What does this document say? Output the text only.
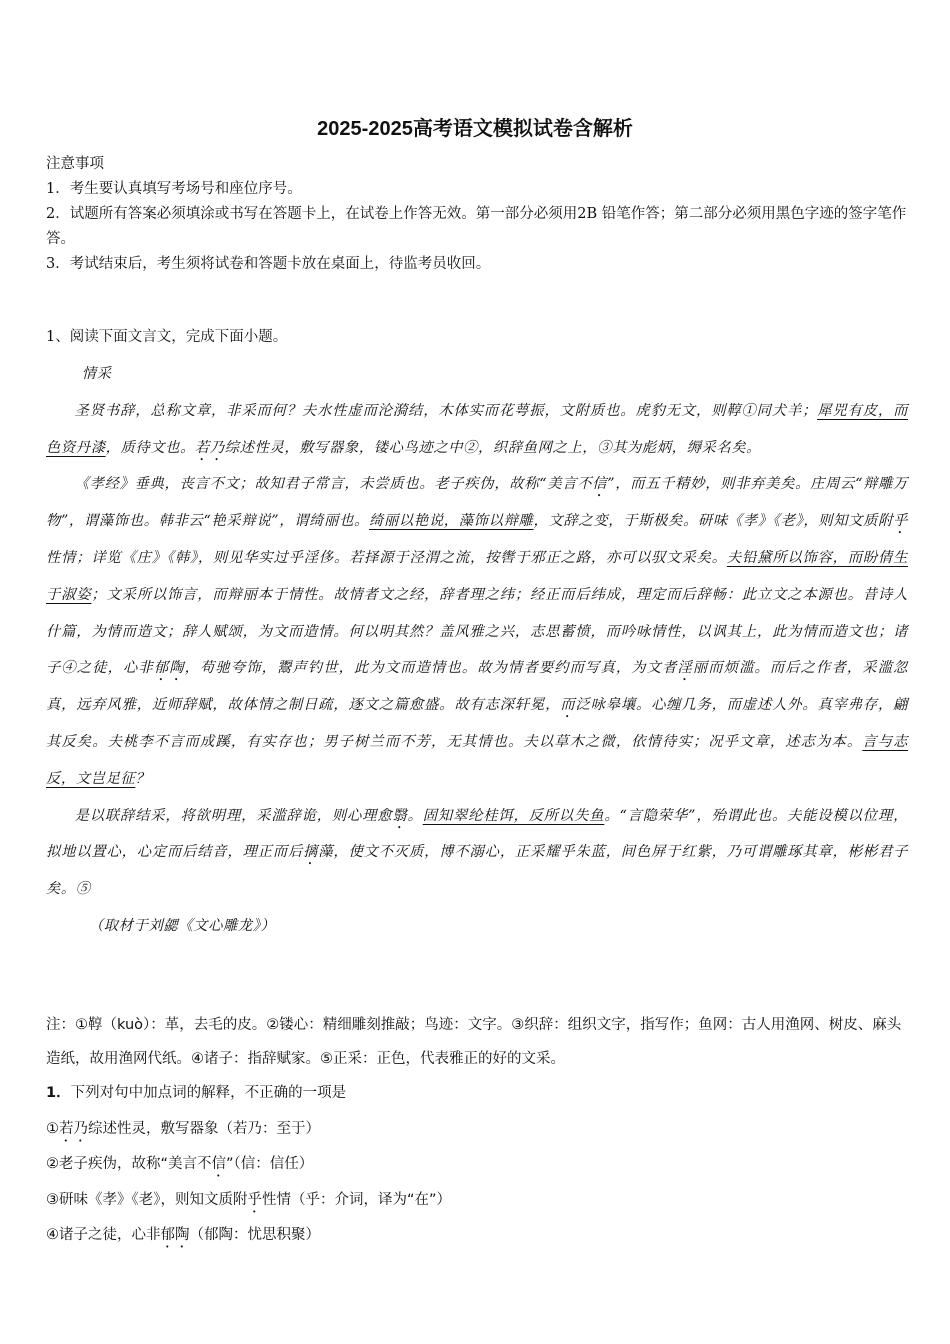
2025-2025高考语文模拟试卷含解析
注意事项
1．考生要认真填写考场号和座位序号。
2．试题所有答案必须填涂或书写在答题卡上，在试卷上作答无效。第一部分必须用2B 铅笔作答；第二部分必须用黑色字迹的签字笔作答。
3．考试结束后，考生须将试卷和答题卡放在桌面上，待监考员收回。
1、阅读下面文言文，完成下面小题。

情采

圣贤书辞，总称文章，非采而何？夫水性虚而沦漪结，木体实而花萼振，文附质也。虎豹无文，则鞟①同犬羊；犀兕有皮，而色资丹漆，质待文也。若乃综述性灵，敷写器象，镂心鸟迹之中②，织辞鱼网之上，③其为彪炳，缛采名矣。

《孝经》垂典，丧言不文；故知君子常言，未尝质也。老子疾伪，故称“美言不信”，而五千精妙，则非弃美矣。庄周云“辩雕万物”，谓藻饰也。韩非云“艳采辩说”，谓绮丽也。绮丽以艳说，藻饰以辩雕，文辞之变，于斯极矣。研味《孝》《老》，则知文质附乎性情；详览《庄》《韩》，则见华实过乎淫侈。若择源于泾渭之流，按辔于邪正之路，亦可以驭文采矣。夫铅黛所以饰容，而盼倩生于淑姿；文采所以饰言，而辩丽本于情性。故情者文之经，辞者理之纬；经正而后纬成，理定而后辞畅：此立文之本源也。昔诗人什篇，为情而造文；辞人赋颂，为文而造情。何以明其然？盖风雅之兴，志思蓄愤，而吟咏情性，以讽其上，此为情而造文也；诸子④之徒，心非郁陶，苟驰夸饰，鬻声钓世，此为文而造情也。故为情者要约而写真，为文者淫丽而烦滥。而后之作者，采滥忽真，远弃风雅，近师辞赋，故体情之制日疏，逐文之篇愈盛。故有志深轩冕，而泛咏皋壤。心缠几务，而虚述人外。真宰弗存，翩其反矣。夫桃李不言而成蹊，有实存也；男子树兰而不芳，无其情也。夫以草木之微，依情待实；况乎文章，述志为本。言与志反，文岂足征？

是以联辞结采，将欲明理，采滥辞诡，则心理愈翳。固知翠纶桂饵，反所以失鱼。“言隐荣华”，殆谓此也。夫能设模以位理，拟地以置心，心定而后结音，理正而后摛藻，使文不灭质，博不溺心，正采耀乎朱蓝，间色屏于红紫，乃可谓雕琢其章，彬彬君子矣。⑤

（取材于刘勰《文心雕龙》）

注：①鞟（kuò）：革，去毛的皮。②镂心：精细雕刻推敲；鸟迹：文字。③织辞：组织文字，指写作；鱼网：古人用渔网、树皮、麻头造纸，故用渔网代纸。④诸子：指辞赋家。⑤正采：正色，代表雅正的好的文采。
1．下列对句中加点词的解释，不正确的一项是
①若乃综述性灵，敷写器象（若乃：至于）
②老子疾伪，故称“美言不信”（信：信任）
③研味《孝》《老》，则知文质附乎性情（乎：介词，译为“在”）
④诸子之徒，心非郁陶（郁陶：忧思积聚）
